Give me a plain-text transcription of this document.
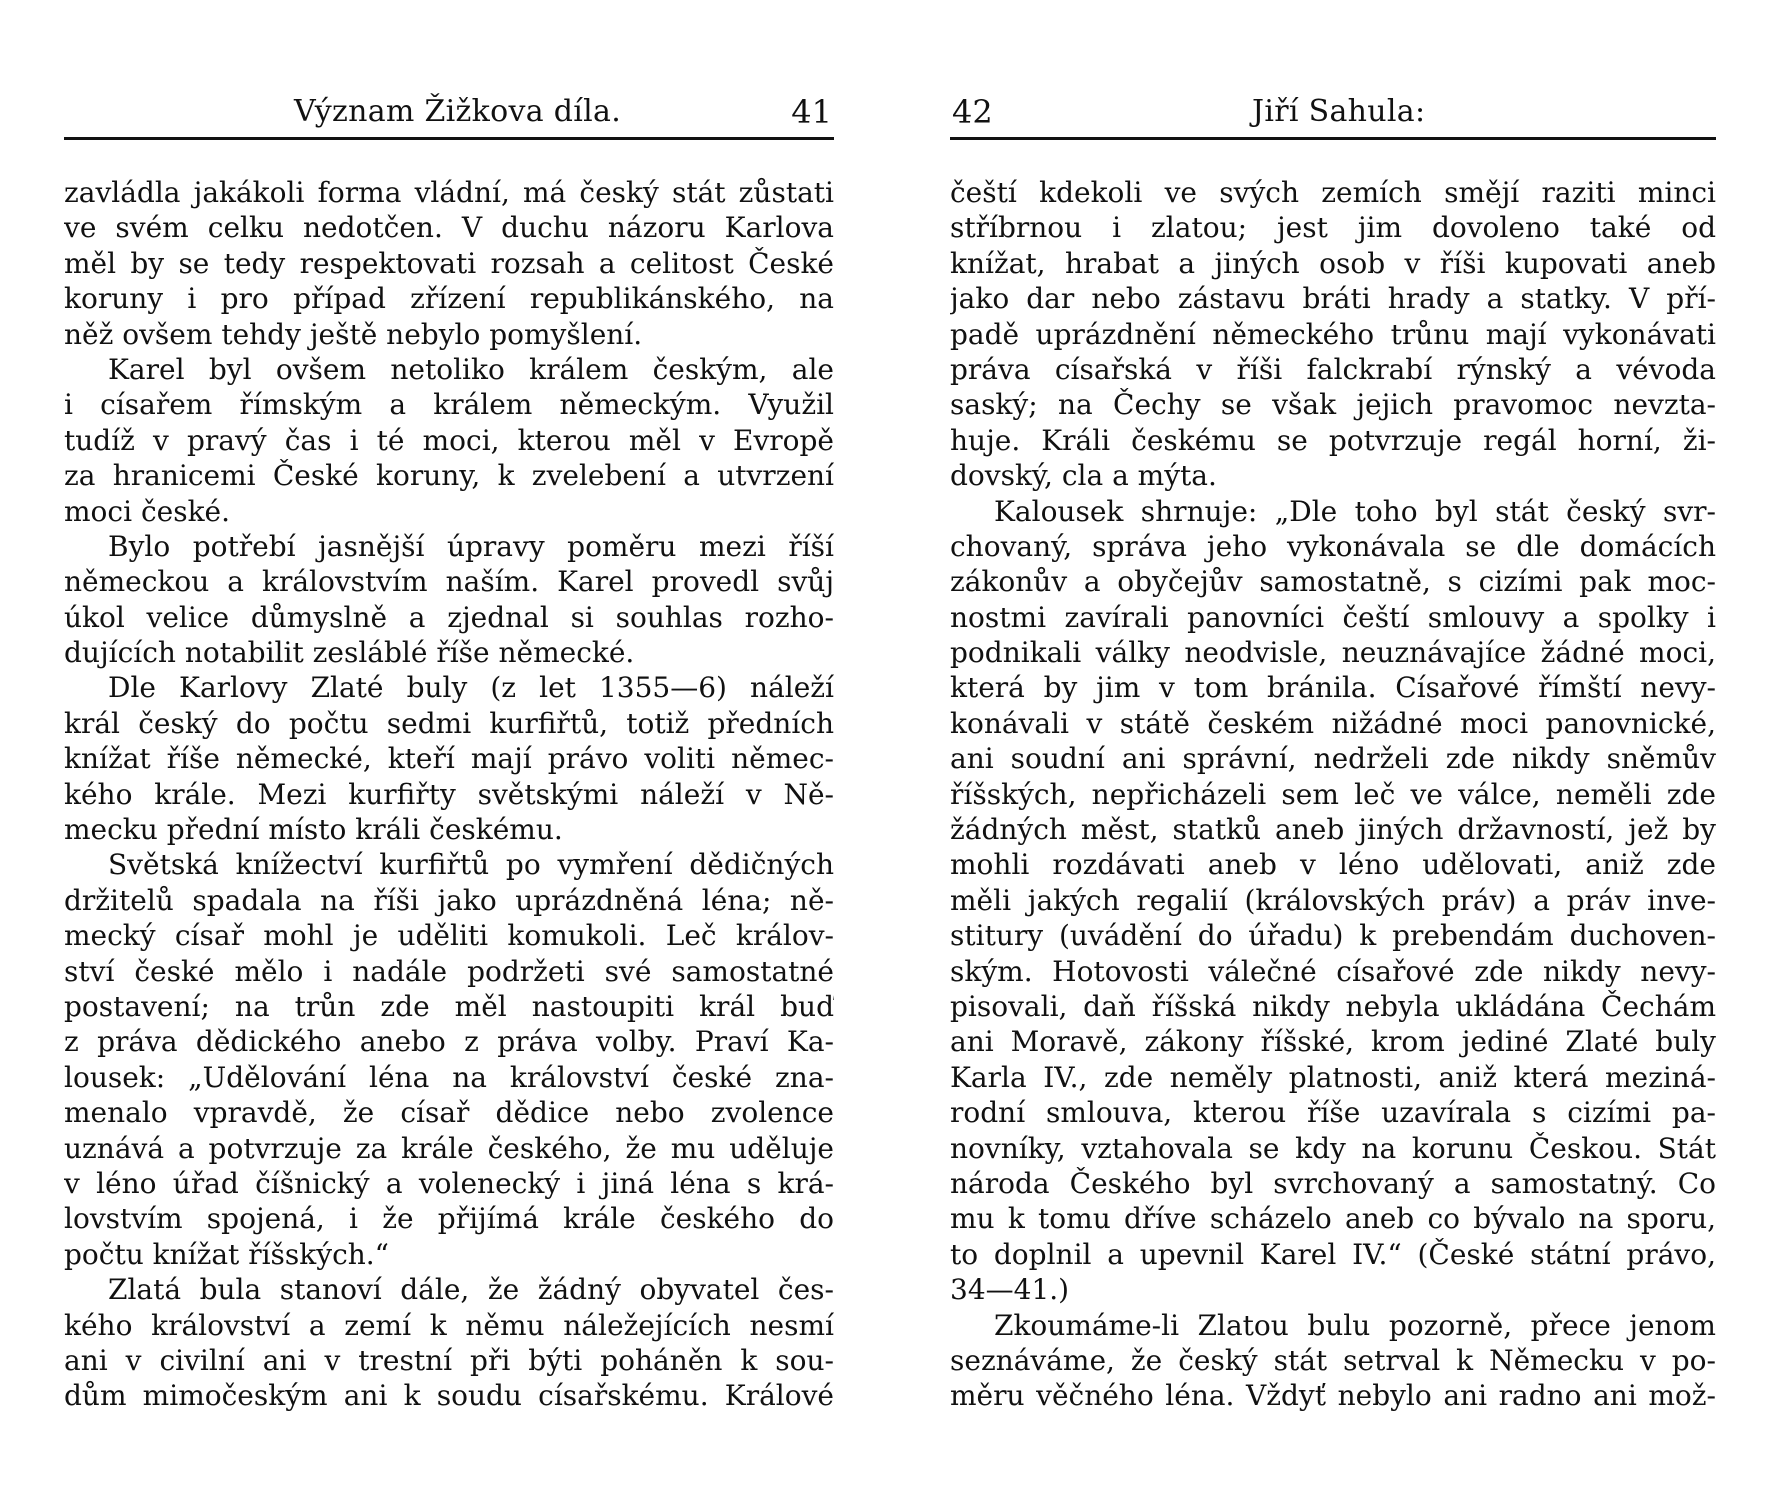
Význam Žižkova díla.	41
zavládla jakákoli forma vládní, má český stát zůstati
ve svém celku nedotčen. V duchu názoru Karlova
měl by se tedy respektovati rozsah a celitost České
koruny i pro případ zřízení republikánského, na
něž ovšem tehdy ještě nebylo pomyšlení.
Karel byl ovšem netoliko králem českým, ale
i císařem římským a králem německým. Využil
tudíž v pravý čas i té moci, kterou měl v Evropě
za hranicemi České koruny, k zvelebení a utvrzení
moci české.
Bylo potřebí jasnější úpravy poměru mezi říší
německou a královstvím naším. Karel provedl svůj
úkol velice důmyslně a zjednal si souhlas rozho-
dujících notabilit zesláblé říše německé.
Dle Karlovy Zlaté buly (z let 1355—6) náleží
král český do počtu sedmi kurfiřtů, totiž předních
knížat říše německé, kteří mají právo voliti němec-
kého krále. Mezi kurfiřty světskými náleží v Ně-
mecku přední místo králi českému.
Světská knížectví kurfiřtů po vymření dědičných
držitelů spadala na říši jako uprázdněná léna; ně-
mecký císař mohl je uděliti komukoli. Leč králov-
ství české mělo i nadále podržeti své samostatné
postavení; na trůn zde měl nastoupiti král buď
z práva dědického anebo z práva volby. Praví Ka-
lousek: „Udělování léna na království české zna-
menalo vpravdě, že císař dědice nebo zvolence
uznává a potvrzuje za krále českého, že mu uděluje
v léno úřad číšnický a volenecký i jiná léna s krá-
lovstvím spojená, i že přijímá krále českého do
počtu knížat říšských.“
Zlatá bula stanoví dále, že žádný obyvatel čes-
kého království a zemí k němu náležejících nesmí
ani v civilní ani v trestní při býti poháněn k sou-
dům mimočeským ani k soudu císařskému. Králové
42	Jiří Sahula:
čeští kdekoli ve svých zemích smějí raziti minci
stříbrnou i zlatou; jest jim dovoleno také od
knížat, hrabat a jiných osob v říši kupovati aneb
jako dar nebo zástavu bráti hrady a statky. V pří-
padě uprázdnění německého trůnu mají vykonávati
práva císařská v říši falckrabí rýnský a vévoda
saský; na Čechy se však jejich pravomoc nevzta-
huje. Králi českému se potvrzuje regál horní, ži-
dovský, cla a mýta.
Kalousek shrnuje: „Dle toho byl stát český svr-
chovaný, správa jeho vykonávala se dle domácích
zákonův a obyčejův samostatně, s cizími pak moc-
nostmi zavírali panovníci čeští smlouvy a spolky i
podnikali války neodvisle, neuznávajíce žádné moci,
která by jim v tom bránila. Císařové římští nevy-
konávali v státě českém nižádné moci panovnické,
ani soudní ani správní, nedrželi zde nikdy sněmův
říšských, nepřicházeli sem leč ve válce, neměli zde
žádných měst, statků aneb jiných državností, jež by
mohli rozdávati aneb v léno udělovati, aniž zde
měli jakých regalií (královských práv) a práv inve-
stitury (uvádění do úřadu) k prebendám duchoven-
ským. Hotovosti válečné císařové zde nikdy nevy-
pisovali, daň říšská nikdy nebyla ukládána Čechám
ani Moravě, zákony říšské, krom jediné Zlaté buly
Karla IV., zde neměly platnosti, aniž která meziná-
rodní smlouva, kterou říše uzavírala s cizími pa-
novníky, vztahovala se kdy na korunu Českou. Stát
národa Českého byl svrchovaný a samostatný. Co
mu k tomu dříve scházelo aneb co bývalo na sporu,
to doplnil a upevnil Karel IV.“ (České státní právo,
34—41.)
Zkoumáme-li Zlatou bulu pozorně, přece jenom
seznáváme, že český stát setrval k Německu v po-
měru věčného léna. Vždyť nebylo ani radno ani mož-
